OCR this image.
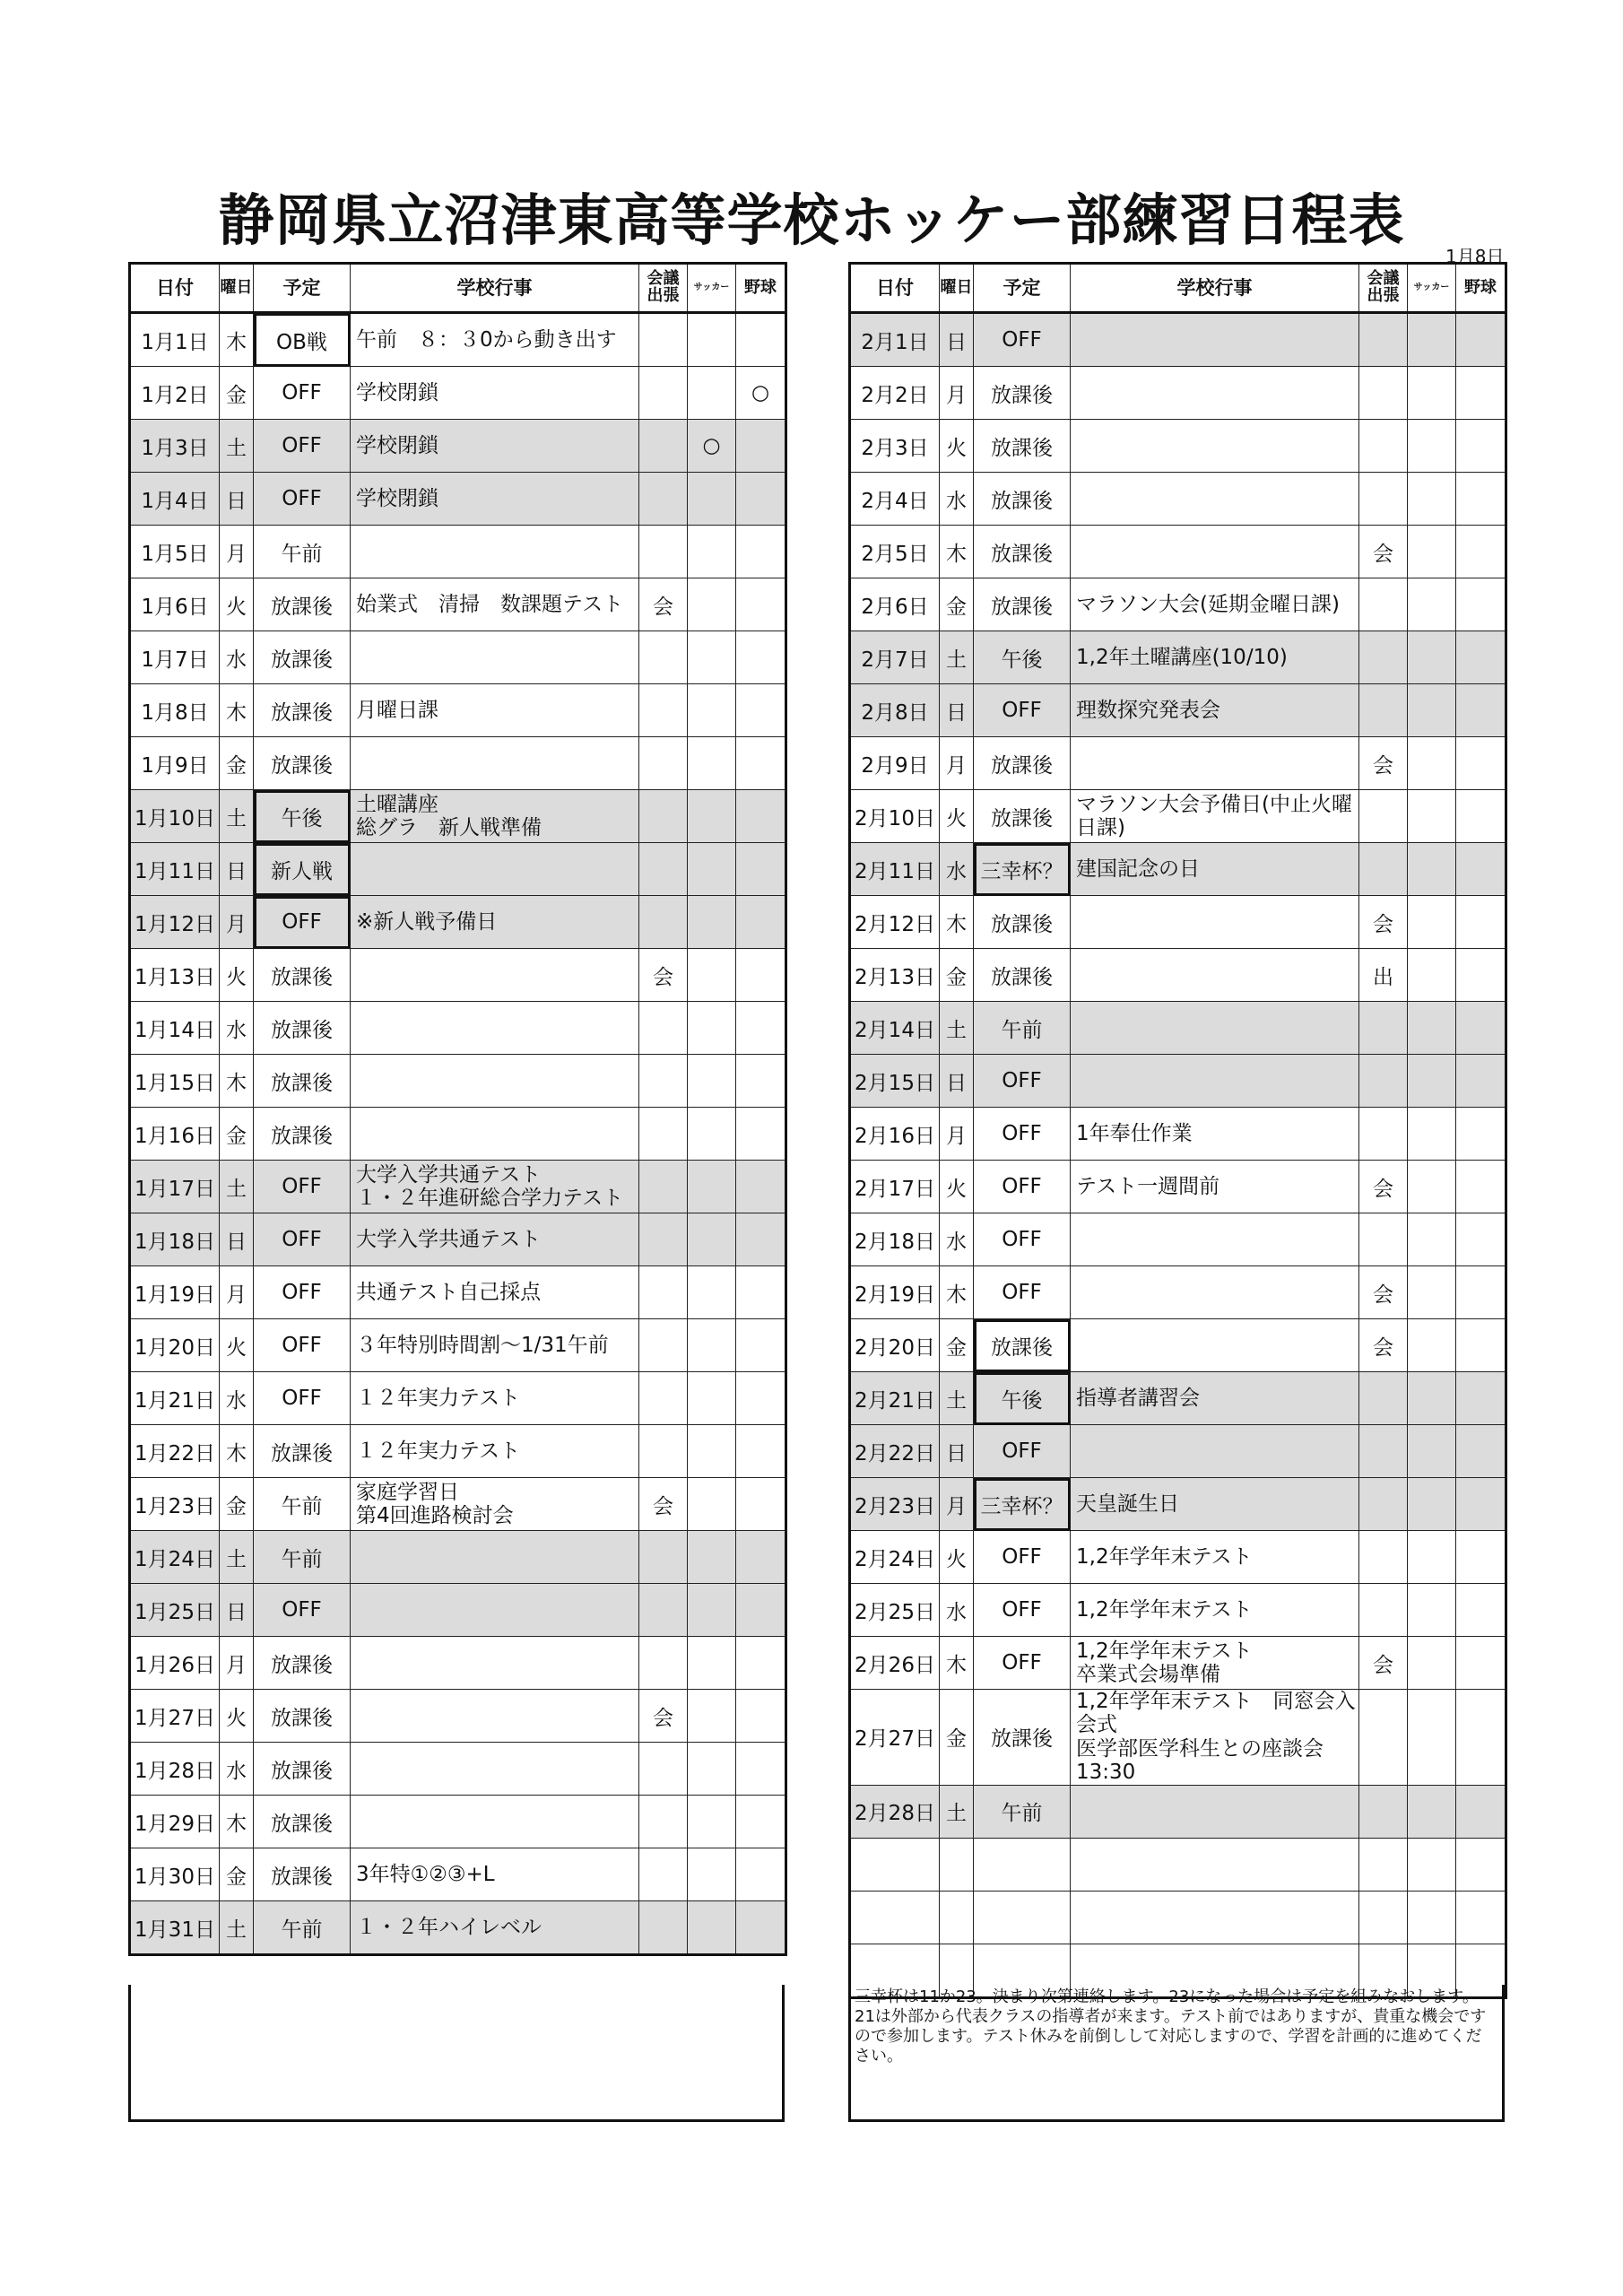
静岡県立沼津東高等学校ホッケー部練習日程表
1月8日
日付	曜日	予定	学校行事	会議出張	サッカー	野球
1月1日	木	OB戦	午前　８：３0から動き出す			
1月2日	金	OFF	学校閉鎖			○
1月3日	土	OFF	学校閉鎖		○	
1月4日	日	OFF	学校閉鎖			
1月5日	月	午前				
1月6日	火	放課後	始業式　清掃　数課題テスト	会		
1月7日	水	放課後				
1月8日	木	放課後	月曜日課			
1月9日	金	放課後				
1月10日	土	午後	土曜講座
総グラ　新人戦準備			
1月11日	日	新人戦				
1月12日	月	OFF	※新人戦予備日			
1月13日	火	放課後		会		
1月14日	水	放課後				
1月15日	木	放課後				
1月16日	金	放課後				
1月17日	土	OFF	大学入学共通テスト
１・２年進研総合学力テスト			
1月18日	日	OFF	大学入学共通テスト			
1月19日	月	OFF	共通テスト自己採点			
1月20日	火	OFF	３年特別時間割～1/31午前			
1月21日	水	OFF	１２年実力テスト			
1月22日	木	放課後	１２年実力テスト			
1月23日	金	午前	家庭学習日
第4回進路検討会	会		
1月24日	土	午前				
1月25日	日	OFF				
1月26日	月	放課後				
1月27日	火	放課後		会		
1月28日	水	放課後				
1月29日	木	放課後				
1月30日	金	放課後	3年特①②③+L			
1月31日	土	午前	１・２年ハイレベル			
日付	曜日	予定	学校行事	会議出張	サッカー	野球
2月1日	日	OFF				
2月2日	月	放課後				
2月3日	火	放課後				
2月4日	水	放課後				
2月5日	木	放課後		会		
2月6日	金	放課後	マラソン大会(延期金曜日課)			
2月7日	土	午後	1,2年土曜講座(10/10)			
2月8日	日	OFF	理数探究発表会			
2月9日	月	放課後		会		
2月10日	火	放課後	マラソン大会予備日(中止火曜日課)			
2月11日	水	三幸杯？	建国記念の日			
2月12日	木	放課後		会		
2月13日	金	放課後		出		
2月14日	土	午前				
2月15日	日	OFF				
2月16日	月	OFF	1年奉仕作業			
2月17日	火	OFF	テスト一週間前	会		
2月18日	水	OFF				
2月19日	木	OFF		会		
2月20日	金	放課後		会		
2月21日	土	午後	指導者講習会			
2月22日	日	OFF				
2月23日	月	三幸杯？	天皇誕生日			
2月24日	火	OFF	1,2年学年末テスト			
2月25日	水	OFF	1,2年学年末テスト			
2月26日	木	OFF	1,2年学年末テスト
卒業式会場準備	会		
2月27日	金	放課後	1,2年学年末テスト　同窓会入会式
医学部医学科生との座談会13:30			
2月28日	土	午前				

三幸杯は11か23。決まり次第連絡します。23になった場合は予定を組みなおします。21は外部から代表クラスの指導者が来ます。テスト前ではありますが、貴重な機会ですので参加します。テスト休みを前倒しして対応しますので、学習を計画的に進めてください。
